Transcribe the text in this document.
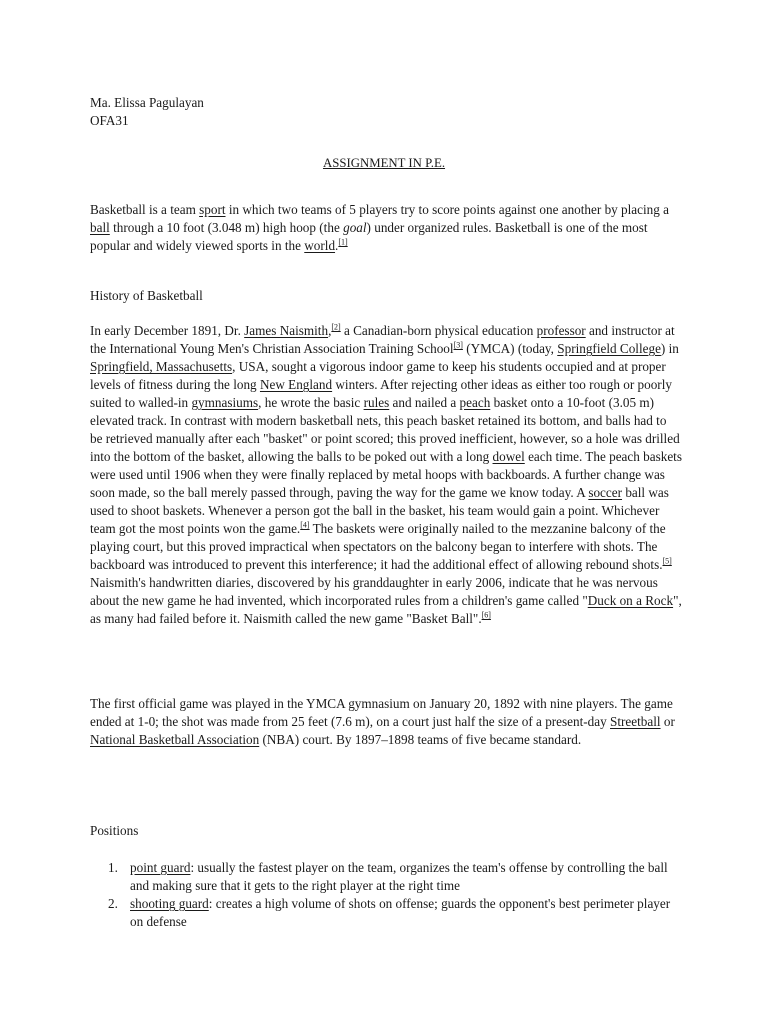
Ma. Elissa Pagulayan

OFA31

ASSIGNMENT IN P.E.

Basketball is a team sport in which two teams of 5 players try to score points against one another by placing a ball through a 10 foot (3.048 m) high hoop (the goal) under organized rules. Basketball is one of the most popular and widely viewed sports in the world.[1]

History of Basketball

In early December 1891, Dr. James Naismith,[2] a Canadian-born physical education professor and instructor at the International Young Men's Christian Association Training School[3] (YMCA) (today, Springfield College) in Springfield, Massachusetts, USA, sought a vigorous indoor game to keep his students occupied and at proper levels of fitness during the long New England winters. After rejecting other ideas as either too rough or poorly suited to walled-in gymnasiums, he wrote the basic rules and nailed a peach basket onto a 10-foot (3.05 m) elevated track. In contrast with modern basketball nets, this peach basket retained its bottom, and balls had to be retrieved manually after each "basket" or point scored; this proved inefficient, however, so a hole was drilled into the bottom of the basket, allowing the balls to be poked out with a long dowel each time. The peach baskets were used until 1906 when they were finally replaced by metal hoops with backboards. A further change was soon made, so the ball merely passed through, paving the way for the game we know today. A soccer ball was used to shoot baskets. Whenever a person got the ball in the basket, his team would gain a point. Whichever team got the most points won the game.[4] The baskets were originally nailed to the mezzanine balcony of the playing court, but this proved impractical when spectators on the balcony began to interfere with shots. The backboard was introduced to prevent this interference; it had the additional effect of allowing rebound shots.[5] Naismith's handwritten diaries, discovered by his granddaughter in early 2006, indicate that he was nervous about the new game he had invented, which incorporated rules from a children's game called "Duck on a Rock", as many had failed before it. Naismith called the new game "Basket Ball".[6]

The first official game was played in the YMCA gymnasium on January 20, 1892 with nine players. The game ended at 1-0; the shot was made from 25 feet (7.6 m), on a court just half the size of a present-day Streetball or National Basketball Association (NBA) court. By 1897–1898 teams of five became standard.

Positions

1. point guard: usually the fastest player on the team, organizes the team's offense by controlling the ball and making sure that it gets to the right player at the right time
2. shooting guard: creates a high volume of shots on offense; guards the opponent's best perimeter player on defense
